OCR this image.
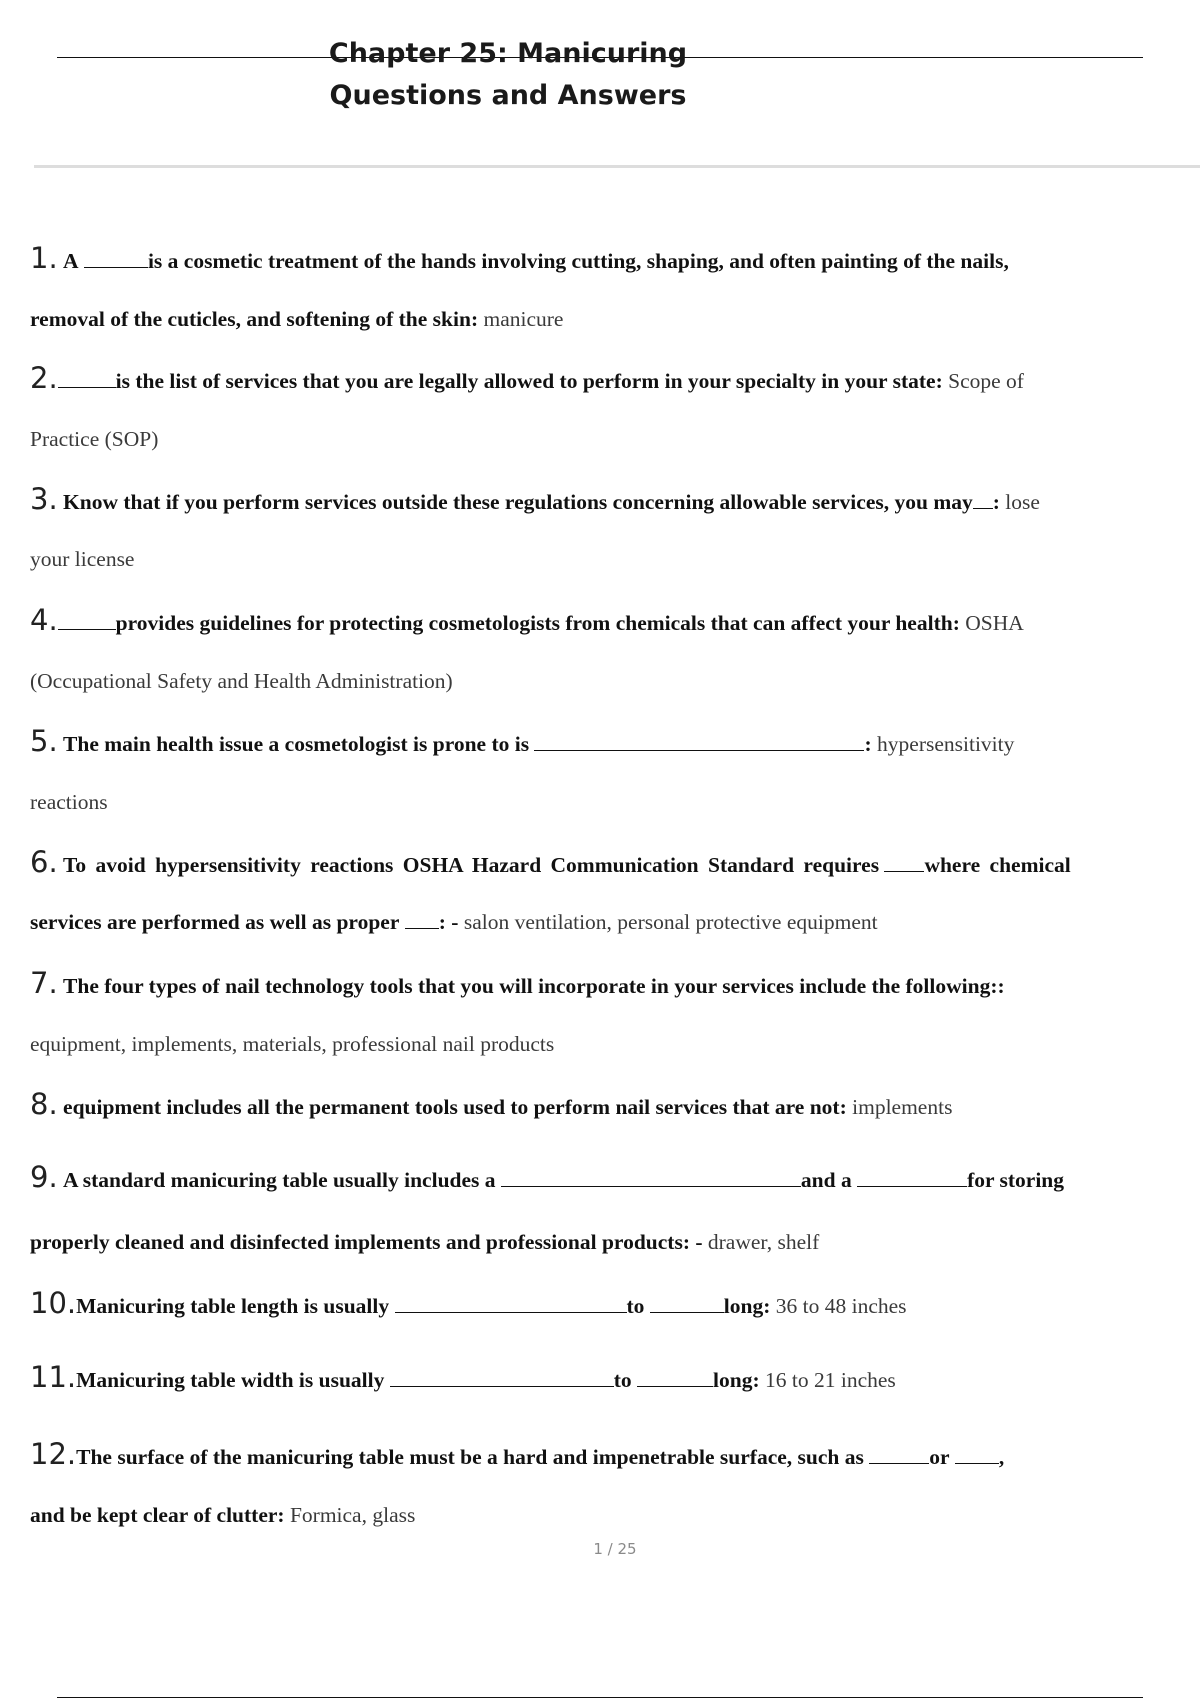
Chapter 25: Manicuring
Questions and Answers
1. A	is a cosmetic treatment of the hands involving cutting, shaping, and often painting of the nails,
removal of the cuticles, and softening of the skin: manicure
2.	is the list of services that you are legally allowed to perform in your specialty in your state: Scope of
Practice (SOP)
3. Know that if you perform services outside these regulations concerning allowable services, you may : lose
your license
4.	provides guidelines for protecting cosmetologists from chemicals that can affect your health: OSHA
(Occupational Safety and Health Administration)
5. The main health issue a cosmetologist is prone to is	: hypersensitivity
reactions
6. To avoid hypersensitivity reactions OSHA Hazard Communication Standard requires where chemical
services are performed as well as proper : - salon ventilation, personal protective equipment
7. The four types of nail technology tools that you will incorporate in your services include the following::
equipment, implements, materials, professional nail products
8. equipment includes all the permanent tools used to perform nail services that are not: implements
9. A standard manicuring table usually includes a	and a	for storing
properly cleaned and disinfected implements and professional products: - drawer, shelf
10.Manicuring table length is usually	to	long: 36 to 48 inches
11.Manicuring table width is usually	to	long: 16 to 21 inches
12.The surface of the manicuring table must be a hard and impenetrable surface, such as	or ,
and be kept clear of clutter: Formica, glass
1 / 25
